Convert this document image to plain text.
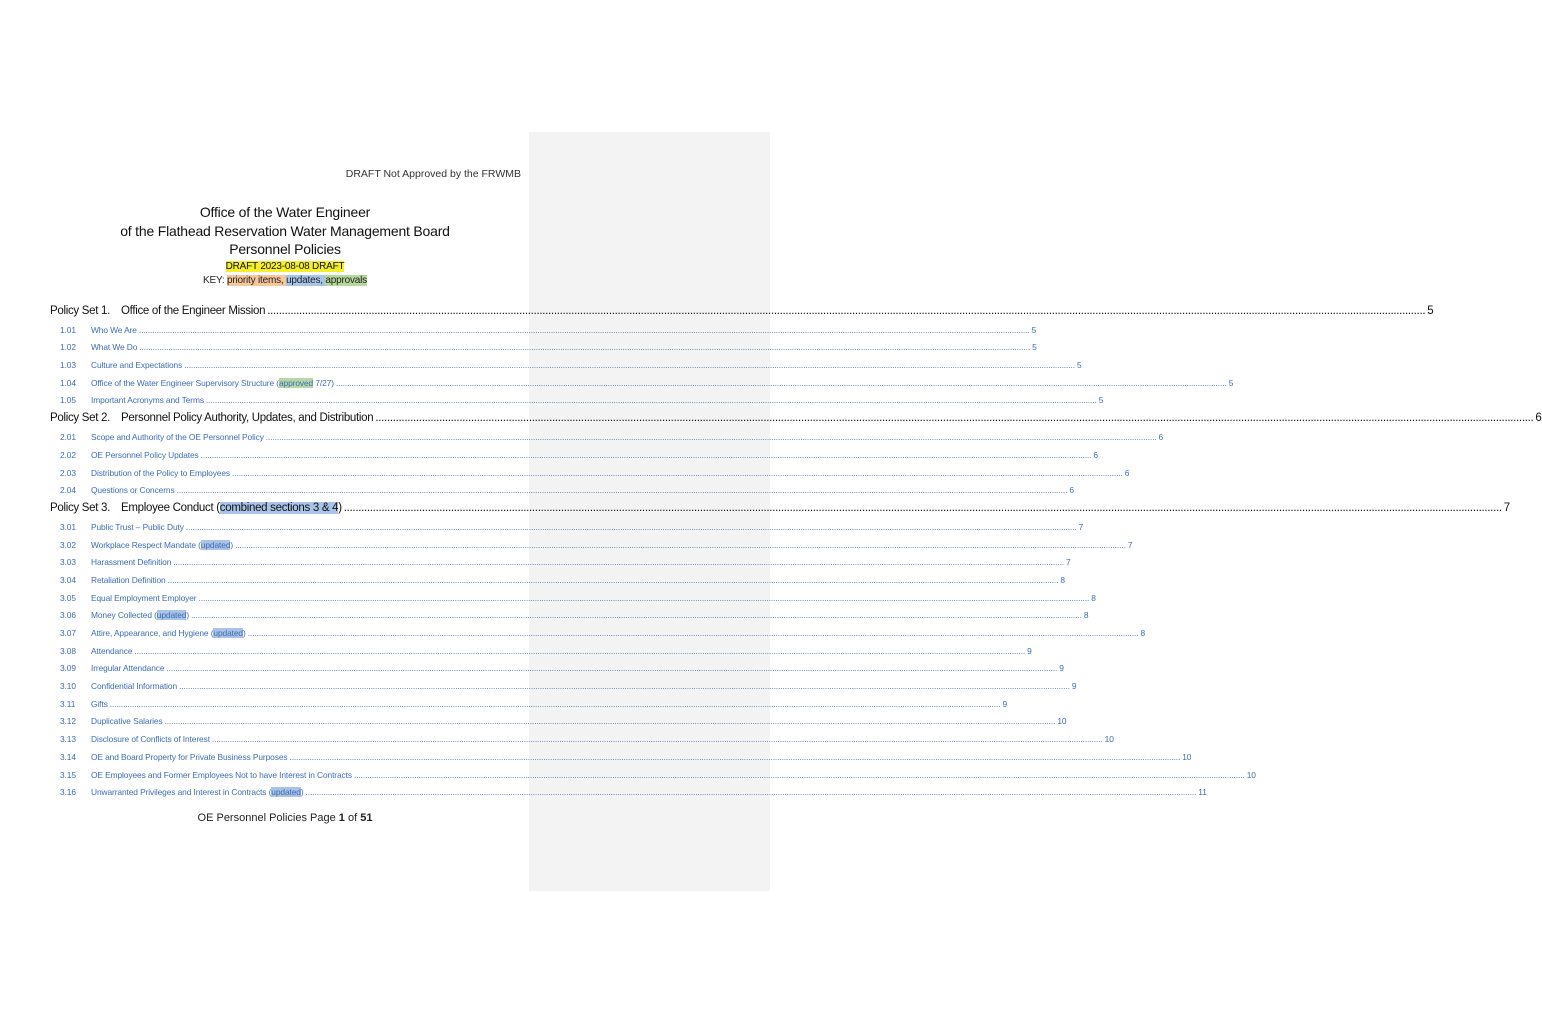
DRAFT Not Approved by the FRWMB
Office of the Water Engineer
of the Flathead Reservation Water Management Board
Personnel Policies
DRAFT 2023-08-08 DRAFT
KEY: priority items, updates, approvals
Policy Set 1. Office of the Engineer Mission ................................................................................................................................................................................................................................................................................................................................................................................................................ 5
1.01	Who We Are ................................................................................................................................................................................................................................................................................................................................................................................................................ 5
1.02	What We Do ................................................................................................................................................................................................................................................................................................................................................................................................................ 5
1.03	Culture and Expectations ................................................................................................................................................................................................................................................................................................................................................................................................................ 5
1.04	Office of the Water Engineer Supervisory Structure (approved 7/27) ................................................................................................................................................................................................................................................................................................................................................................................................................ 5
1.05	Important Acronyms and Terms ................................................................................................................................................................................................................................................................................................................................................................................................................ 5
Policy Set 2. Personnel Policy Authority, Updates, and Distribution ................................................................................................................................................................................................................................................................................................................................................................................................................ 6
2.01	Scope and Authority of the OE Personnel Policy ................................................................................................................................................................................................................................................................................................................................................................................................................ 6
2.02	OE Personnel Policy Updates ................................................................................................................................................................................................................................................................................................................................................................................................................ 6
2.03	Distribution of the Policy to Employees ................................................................................................................................................................................................................................................................................................................................................................................................................ 6
2.04	Questions or Concerns ................................................................................................................................................................................................................................................................................................................................................................................................................ 6
Policy Set 3. Employee Conduct (combined sections 3 & 4) ................................................................................................................................................................................................................................................................................................................................................................................................................ 7
3.01	Public Trust – Public Duty ................................................................................................................................................................................................................................................................................................................................................................................................................ 7
3.02	Workplace Respect Mandate (updated) ................................................................................................................................................................................................................................................................................................................................................................................................................ 7
3.03	Harassment Definition ................................................................................................................................................................................................................................................................................................................................................................................................................ 7
3.04	Retaliation Definition ................................................................................................................................................................................................................................................................................................................................................................................................................ 8
3.05	Equal Employment Employer ................................................................................................................................................................................................................................................................................................................................................................................................................ 8
3.06	Money Collected (updated) ................................................................................................................................................................................................................................................................................................................................................................................................................ 8
3.07	Attire, Appearance, and Hygiene (updated) ................................................................................................................................................................................................................................................................................................................................................................................................................ 8
3.08	Attendance ................................................................................................................................................................................................................................................................................................................................................................................................................ 9
3.09	Irregular Attendance ................................................................................................................................................................................................................................................................................................................................................................................................................ 9
3.10	Confidential Information ................................................................................................................................................................................................................................................................................................................................................................................................................ 9
3.11	Gifts ................................................................................................................................................................................................................................................................................................................................................................................................................ 9
3.12	Duplicative Salaries ................................................................................................................................................................................................................................................................................................................................................................................................................ 10
3.13	Disclosure of Conflicts of Interest ................................................................................................................................................................................................................................................................................................................................................................................................................ 10
3.14	OE and Board Property for Private Business Purposes ................................................................................................................................................................................................................................................................................................................................................................................................................ 10
3.15	OE Employees and Former Employees Not to have Interest in Contracts ................................................................................................................................................................................................................................................................................................................................................................................................................ 10
3.16	Unwarranted Privileges and Interest in Contracts (updated) ................................................................................................................................................................................................................................................................................................................................................................................................................ 11
OE Personnel Policies Page 1 of 51
